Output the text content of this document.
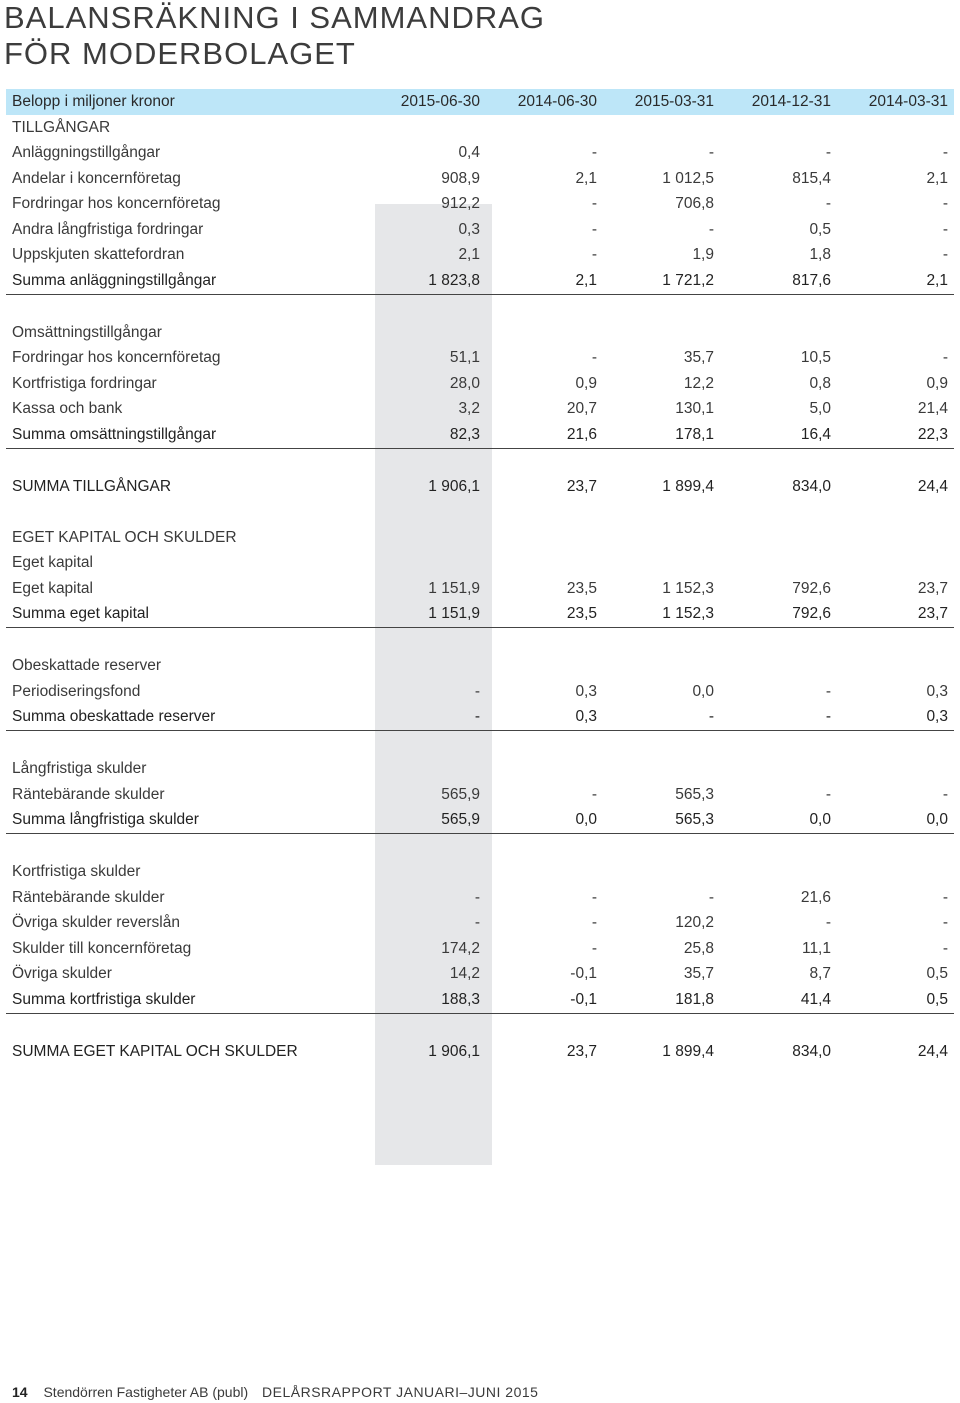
BALANSRÄKNING I SAMMANDRAG
FÖR MODERBOLAGET
Belopp i miljoner kronor	2015-06-30	2014-06-30	2015-03-31	2014-12-31	2014-03-31
TILLGÅNGAR					
Anläggningstillgångar	0,4	-	-	-	-
Andelar i koncernföretag	908,9	2,1	1 012,5	815,4	2,1
Fordringar hos koncernföretag	912,2	-	706,8	-	-
Andra långfristiga fordringar	0,3	-	-	0,5	-
Uppskjuten skattefordran	2,1	-	1,9	1,8	-
Summa anläggningstillgångar	1 823,8	2,1	1 721,2	817,6	2,1

Omsättningstillgångar					
Fordringar hos koncernföretag	51,1	-	35,7	10,5	-
Kortfristiga fordringar	28,0	0,9	12,2	0,8	0,9
Kassa och bank	3,2	20,7	130,1	5,0	21,4
Summa omsättningstillgångar	82,3	21,6	178,1	16,4	22,3

SUMMA TILLGÅNGAR	1 906,1	23,7	1 899,4	834,0	24,4

EGET KAPITAL OCH SKULDER					
Eget kapital					
Eget kapital	1 151,9	23,5	1 152,3	792,6	23,7
Summa eget kapital	1 151,9	23,5	1 152,3	792,6	23,7

Obeskattade reserver					
Periodiseringsfond	-	0,3	0,0	-	0,3
Summa obeskattade reserver	-	0,3	-	-	0,3

Långfristiga skulder					
Räntebärande skulder	565,9	-	565,3	-	-
Summa långfristiga skulder	565,9	0,0	565,3	0,0	0,0

Kortfristiga skulder					
Räntebärande skulder	-	-	-	21,6	-
Övriga skulder reverslån	-	-	120,2	-	-
Skulder till koncernföretag	174,2	-	25,8	11,1	-
Övriga skulder	14,2	-0,1	35,7	8,7	0,5
Summa kortfristiga skulder	188,3	-0,1	181,8	41,4	0,5

SUMMA EGET KAPITAL OCH SKULDER	1 906,1	23,7	1 899,4	834,0	24,4
14 Stendörren Fastigheter AB (publ) DELÅRSRAPPORT JANUARI–JUNI 2015
